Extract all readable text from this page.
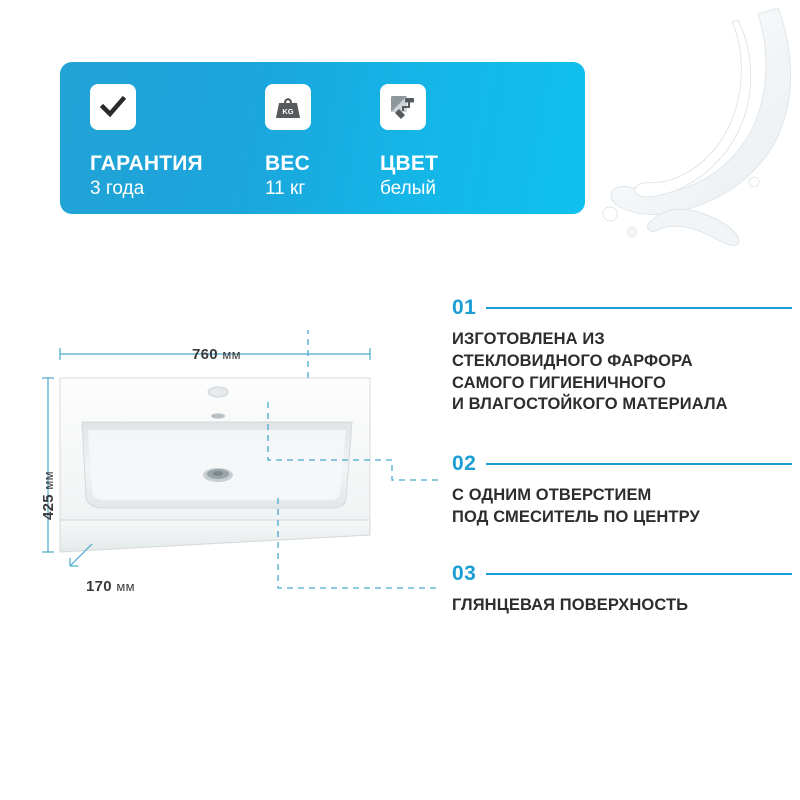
ГАРАНТИЯ
3 года
KG
ВЕС
11 кг
ЦВЕТ
белый
760 мм
425 мм
170 мм
01
ИЗГОТОВЛЕНА ИЗ
СТЕКЛОВИДНОГО ФАРФОРА
САМОГО ГИГИЕНИЧНОГО
И ВЛАГОСТОЙКОГО МАТЕРИАЛА
02
С ОДНИМ ОТВЕРСТИЕМ
ПОД СМЕСИТЕЛЬ ПО ЦЕНТРУ
03
ГЛЯНЦЕВАЯ ПОВЕРХНОСТЬ
